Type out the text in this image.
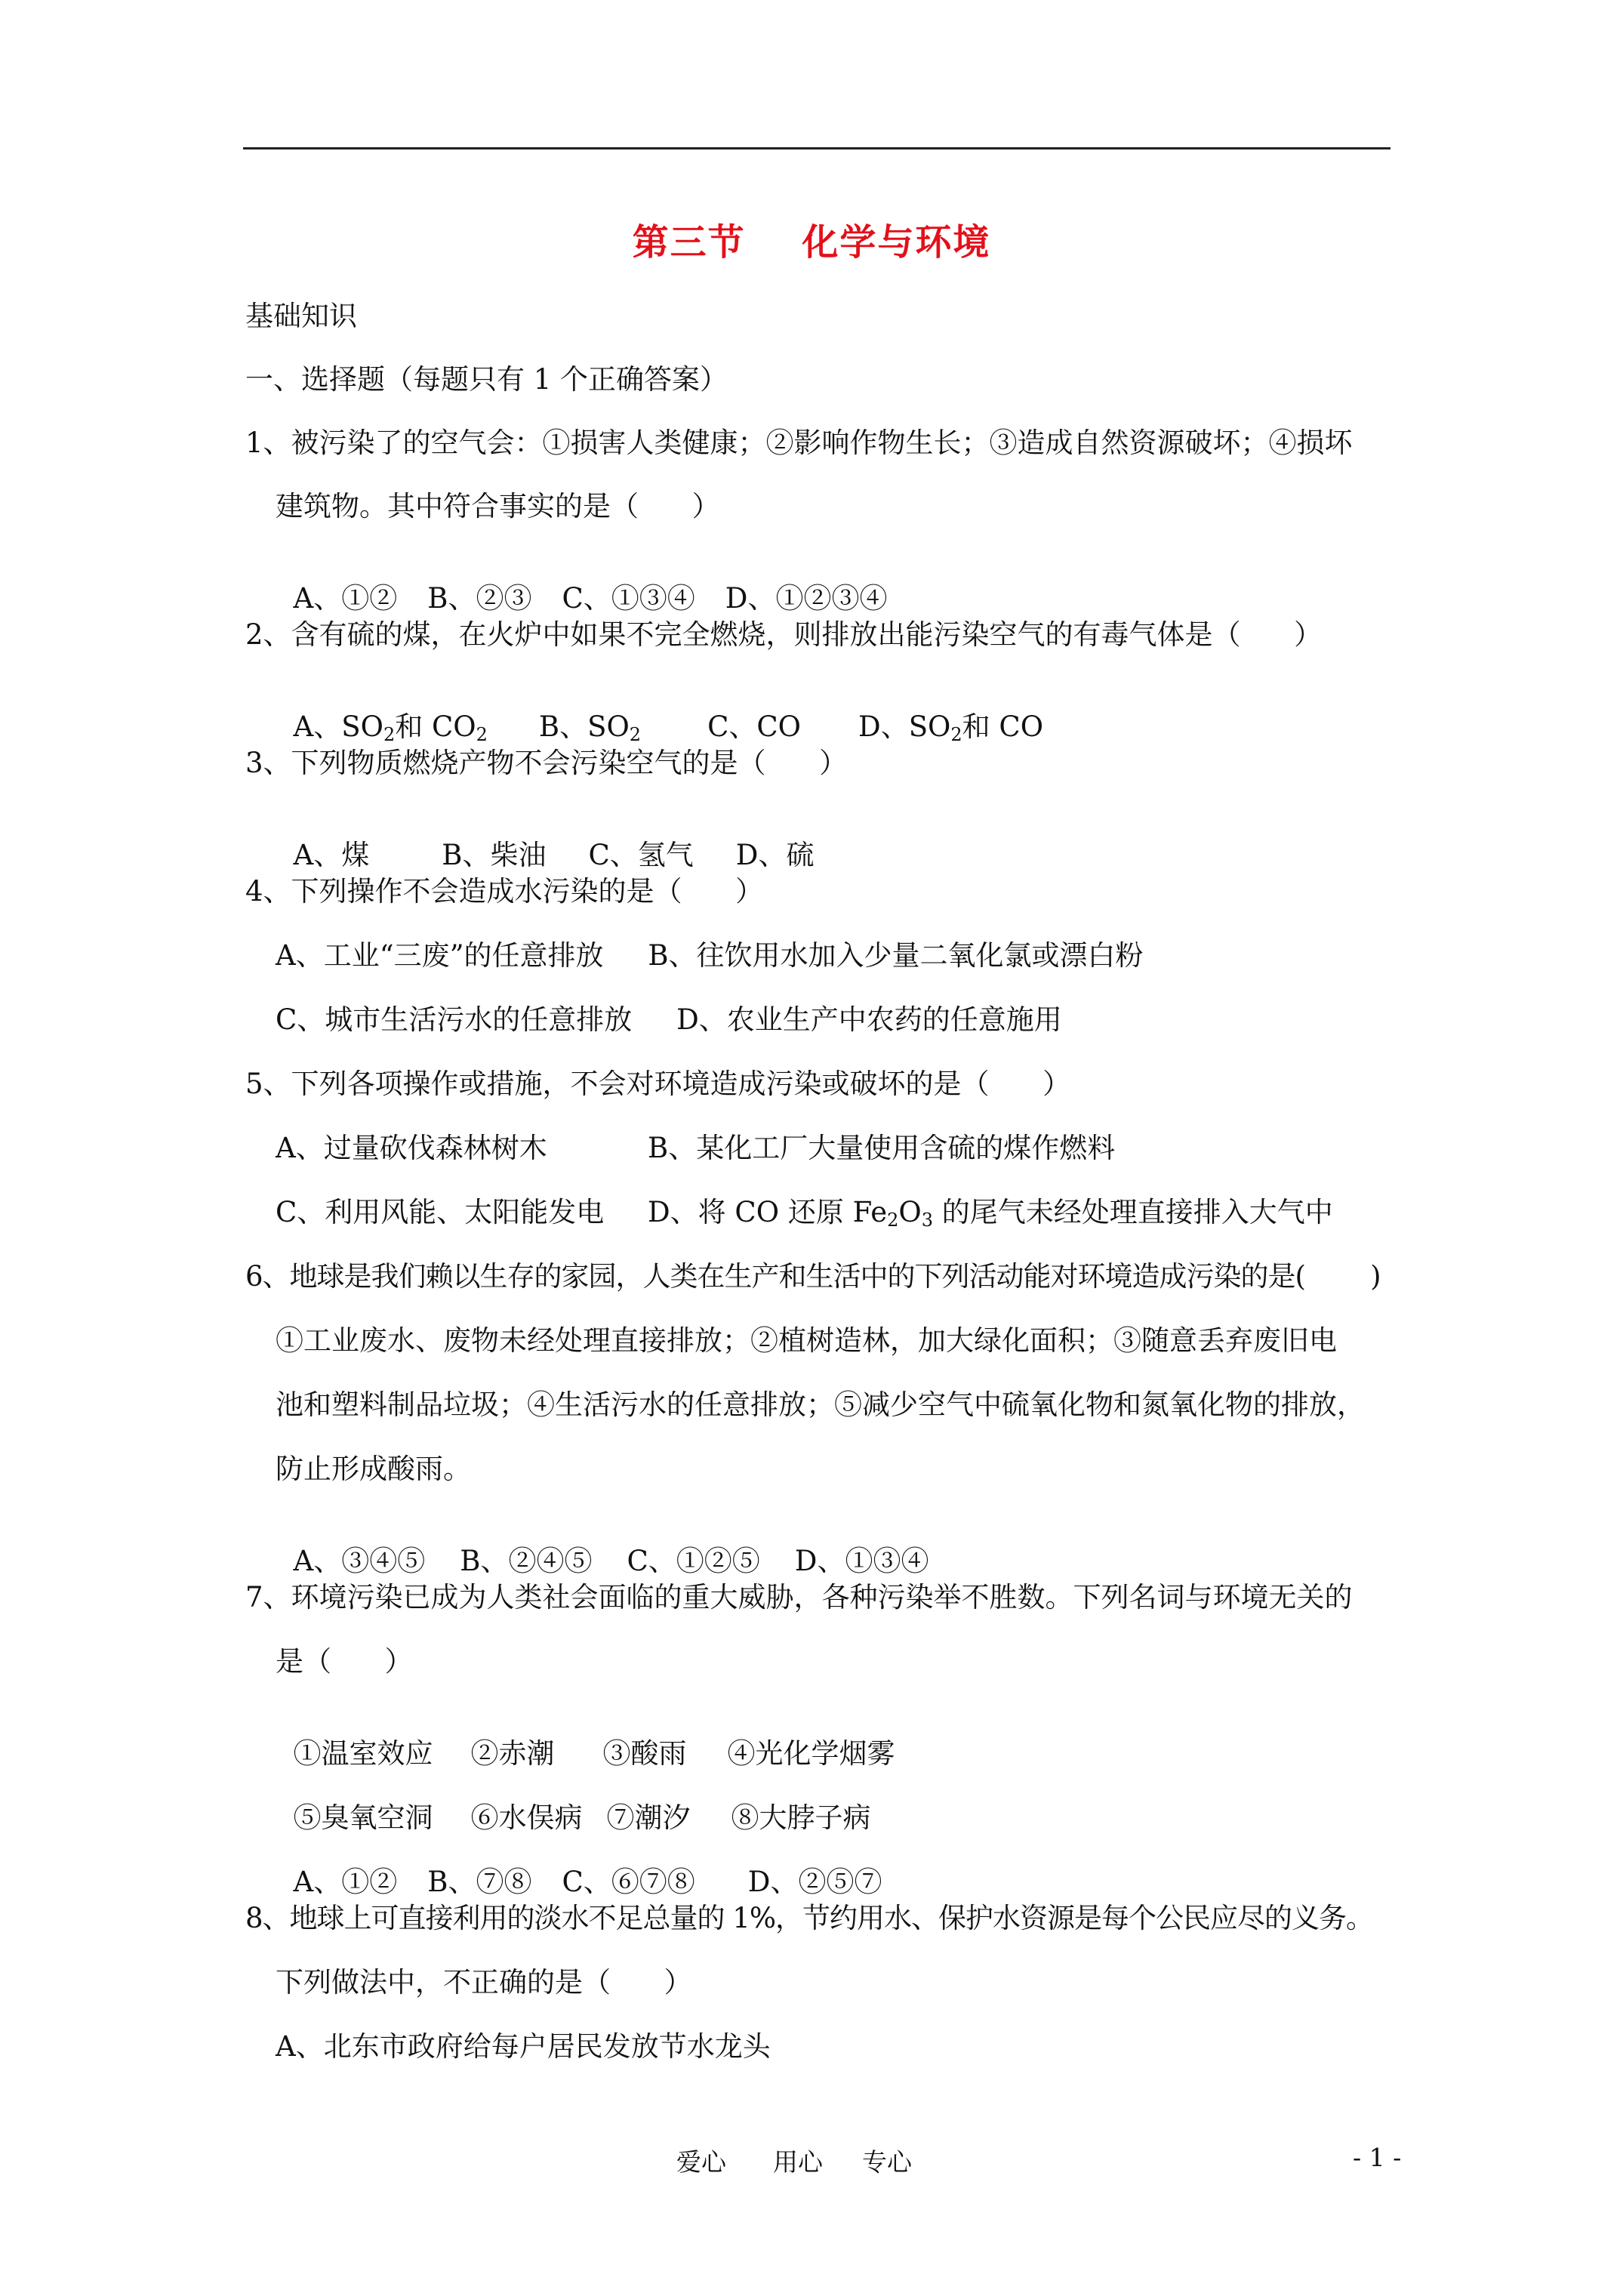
第三节    化学与环境
基础知识
一、选择题（每题只有 1 个正确答案）
1、被污染了的空气会：①损害人类健康；②影响作物生长；③造成自然资源破坏；④损坏
建筑物。其中符合事实的是（      ）

A、①② B、②③ C、①③④ D、①②③④

2、含有硫的煤，在火炉中如果不完全燃烧，则排放出能污染空气的有毒气体是（      ）

A、$SO_2$和 $CO_2$ B、$SO_2$ C、CO D、$SO_2$和 CO

3、下列物质燃烧产物不会污染空气的是（      ）

A、煤	B、柴油 C、氢气 D、硫

4、下列操作不会造成水污染的是（      ）
A、工业“三废”的任意排放     B、往饮用水加入少量二氧化氯或漂白粉
C、城市生活污水的任意排放     D、农业生产中农药的任意施用
5、下列各项操作或措施，不会对环境造成污染或破坏的是（      ）
A、过量砍伐森林树木	B、某化工厂大量使用含硫的煤作燃料
C、利用风能、太阳能发电 D、将 CO 还原 $Fe_2O_3$ 的尾气未经处理直接排入大气中
6、地球是我们赖以生存的家园，人类在生产和生活中的下列活动能对环境造成污染的是(        )
①工业废水、废物未经处理直接排放；②植树造林，加大绿化面积；③随意丢弃废旧电
池和塑料制品垃圾；④生活污水的任意排放；⑤减少空气中硫氧化物和氮氧化物的排放，
防止形成酸雨。

A、③④⑤ B、②④⑤ C、①②⑤ D、①③④

7、环境污染已成为人类社会面临的重大威胁，各种污染举不胜数。下列名词与环境无关的
是（      ）

①温室效应 ②赤潮 ③酸雨 ④光化学烟雾

⑤臭氧空洞 ⑥水俣病 ⑦潮汐 ⑧大脖子病

A、①② B、⑦⑧ C、⑥⑦⑧ D、②⑤⑦

8、地球上可直接利用的淡水不足总量的 1%，节约用水、保护水资源是每个公民应尽的义务。
下列做法中，不正确的是（      ）
A、北东市政府给每户居民发放节水龙头
爱心 用心 专心	- 1 -
